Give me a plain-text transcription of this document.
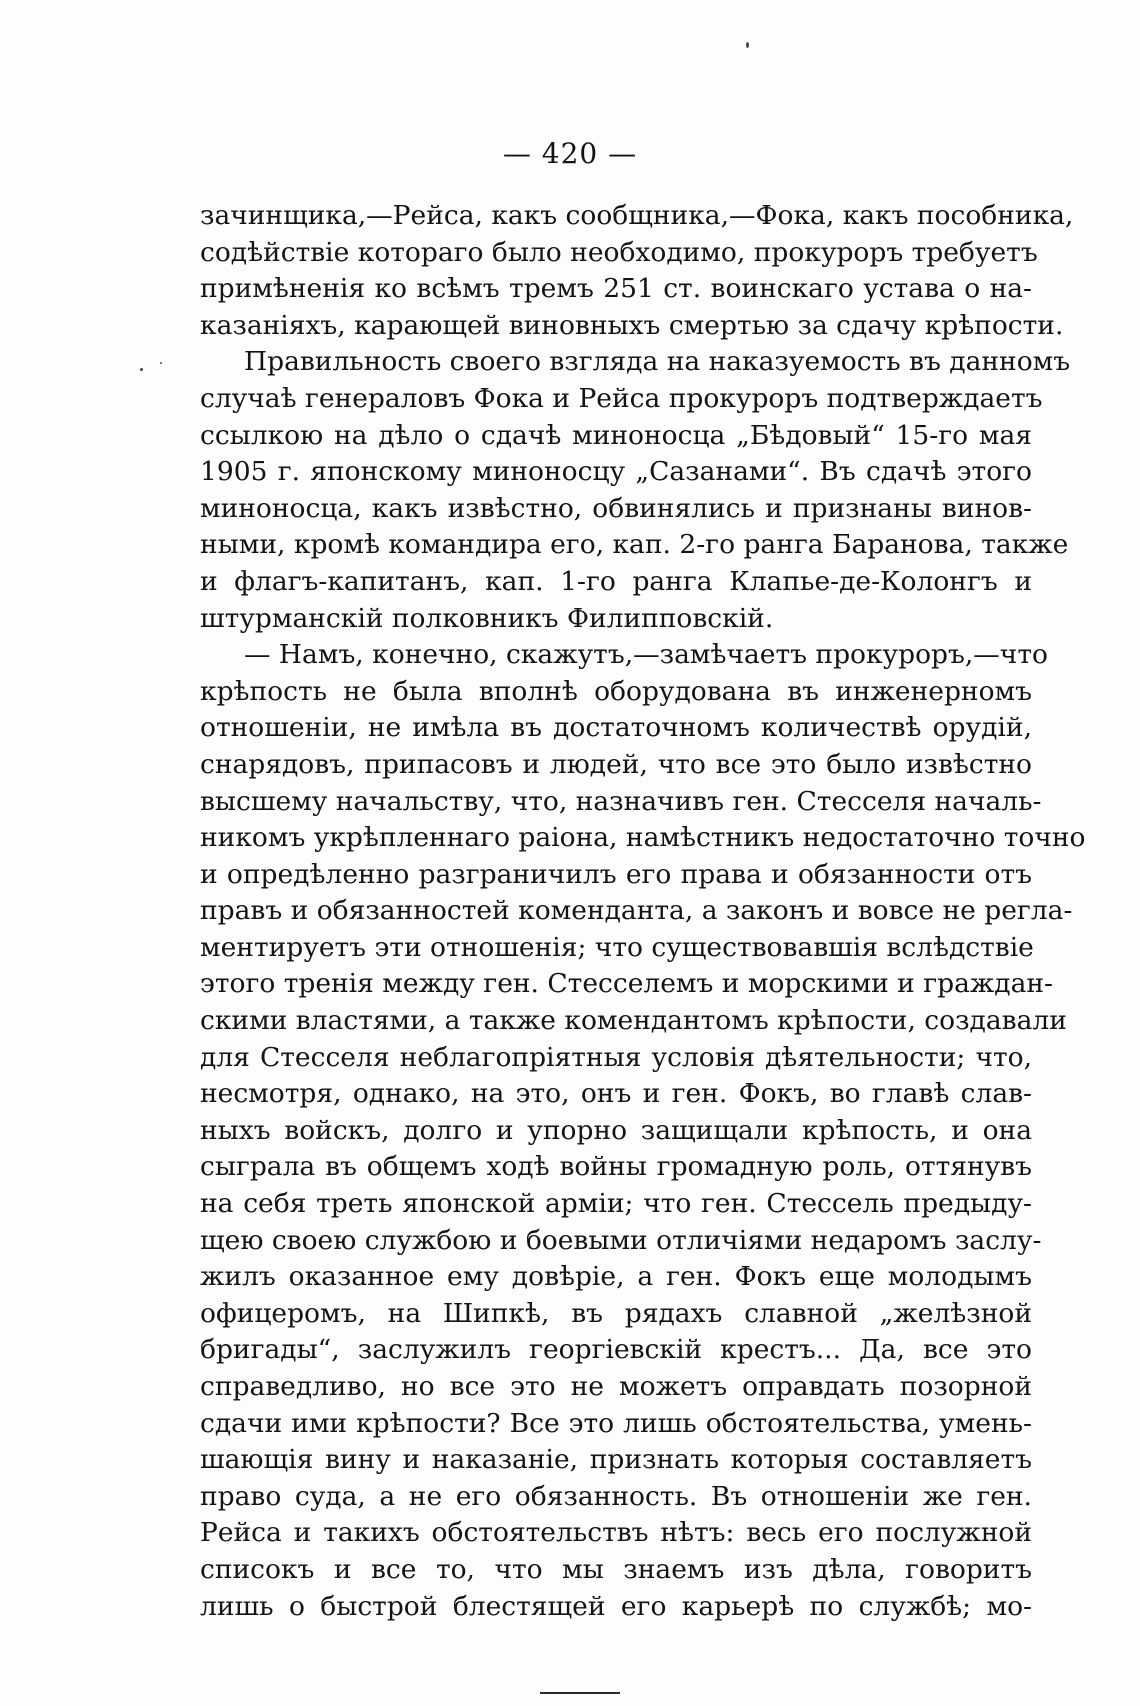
— 420 —
зачинщика,—Рейса, какъ сообщника,—Фока, какъ пособника,
содѣйствіе котораго было необходимо, прокуроръ требуетъ
примѣненія ко всѣмъ тремъ 251 ст. воинскаго устава о на-
казаніяхъ, карающей виновныхъ смертью за сдачу крѣпости.
Правильность своего взгляда на наказуемость въ данномъ
случаѣ генераловъ Фока и Рейса прокуроръ подтверждаетъ
ссылкою на дѣло о сдачѣ миноносца „Бѣдовый“ 15-го мая
1905 г. японскому миноносцу „Сазанами“. Въ сдачѣ этого
миноносца, какъ извѣстно, обвинялись и признаны винов-
ными, кромѣ командира его, кап. 2-го ранга Баранова, также
и флагъ-капитанъ, кап. 1-го ранга Клапье-де-Колонгъ и
штурманскій полковникъ Филипповскій.
— Намъ, конечно, скажутъ,—замѣчаетъ прокуроръ,—что
крѣпость не была вполнѣ оборудована въ инженерномъ
отношеніи, не имѣла въ достаточномъ количествѣ орудій,
снарядовъ, припасовъ и людей, что все это было извѣстно
высшему начальству, что, назначивъ ген. Стесселя началь-
никомъ укрѣпленнаго раіона, намѣстникъ недостаточно точно
и опредѣленно разграничилъ его права и обязанности отъ
правъ и обязанностей коменданта, а законъ и вовсе не регла-
ментируетъ эти отношенія; что существовавшія вслѣдствіе
этого тренія между ген. Стесселемъ и морскими и граждан-
скими властями, а также комендантомъ крѣпости, создавали
для Стесселя неблагопріятныя условія дѣятельности; что,
несмотря, однако, на это, онъ и ген. Фокъ, во главѣ слав-
ныхъ войскъ, долго и упорно защищали крѣпость, и она
сыграла въ общемъ ходѣ войны громадную роль, оттянувъ
на себя треть японской арміи; что ген. Стессель предыду-
щею своею службою и боевыми отличіями недаромъ заслу-
жилъ оказанное ему довѣріе, а ген. Фокъ еще молодымъ
офицеромъ, на Шипкѣ, въ рядахъ славной „желѣзной
бригады“, заслужилъ георгіевскій крестъ... Да, все это
справедливо, но все это не можетъ оправдать позорной
сдачи ими крѣпости? Все это лишь обстоятельства, умень-
шающія вину и наказаніе, признать которыя составляетъ
право суда, а не его обязанность. Въ отношеніи же ген.
Рейса и такихъ обстоятельствъ нѣтъ: весь его послужной
списокъ и все то, что мы знаемъ изъ дѣла, говоритъ
лишь о быстрой блестящей его карьерѣ по службѣ; мо-
